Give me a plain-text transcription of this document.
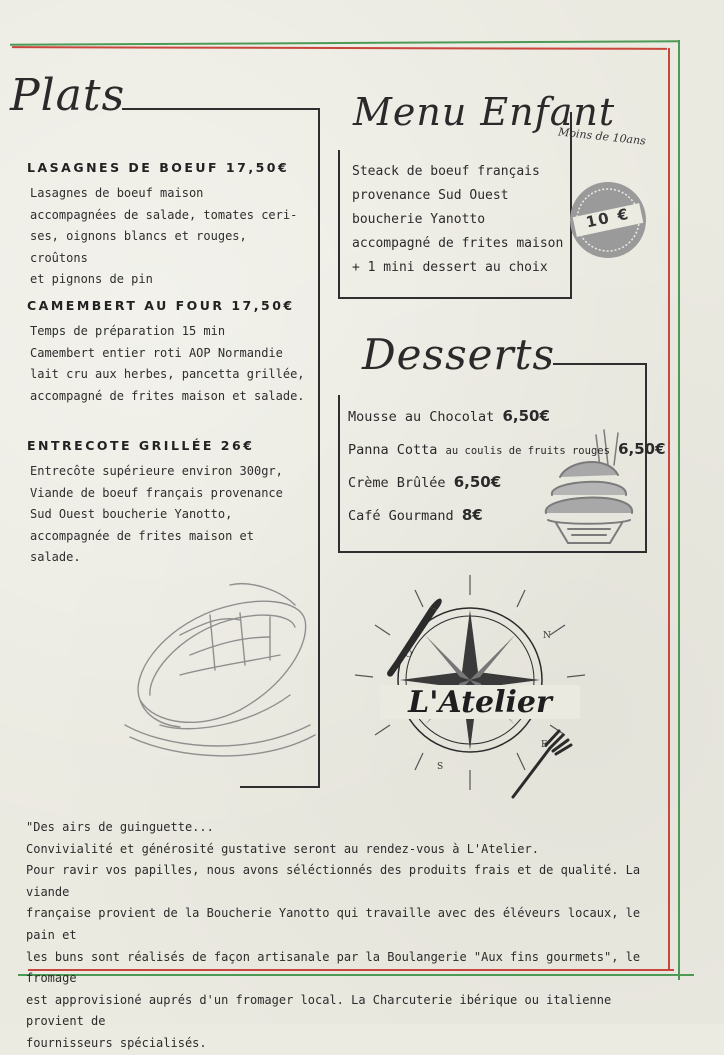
Plats
LASAGNES DE BOEUF 17,50€
Lasagnes de boeuf maison
accompagnées de salade, tomates ceri-
ses, oignons blancs et rouges, croûtons
et pignons de pin
CAMEMBERT AU FOUR 17,50€
Temps de préparation 15 min
Camembert entier roti AOP Normandie
lait cru aux herbes, pancetta grillée,
accompagné de frites maison et salade.
ENTRECOTE GRILLÉE 26€
Entrecôte supérieure environ 300gr,
Viande de boeuf français provenance
Sud Ouest boucherie Yanotto,
accompagnée de frites maison et
salade.
Menu Enfant
Moins de 10ans
Steack de boeuf français
provenance Sud Ouest
boucherie Yanotto
accompagné de frites maison
+ 1 mini dessert au choix
10 €
Desserts
Mousse au Chocolat 6,50€
Panna Cotta au coulis de fruits rouges 6,50€
Crème Brûlée 6,50€
Café Gourmand 8€
L'Atelier
N
O
E
S
"Des airs de guinguette...
Convivialité et générosité gustative seront au rendez-vous à L'Atelier.
Pour ravir vos papilles, nous avons séléctionnés des produits frais et de qualité. La viande
française provient de la Boucherie Yanotto qui travaille avec des éléveurs locaux, le pain et
les buns sont réalisés de façon artisanale par la Boulangerie "Aux fins gourmets", le fromage
est approvisioné auprés d'un fromager local. La Charcuterie ibérique ou italienne provient de
fournisseurs spécialisés.
